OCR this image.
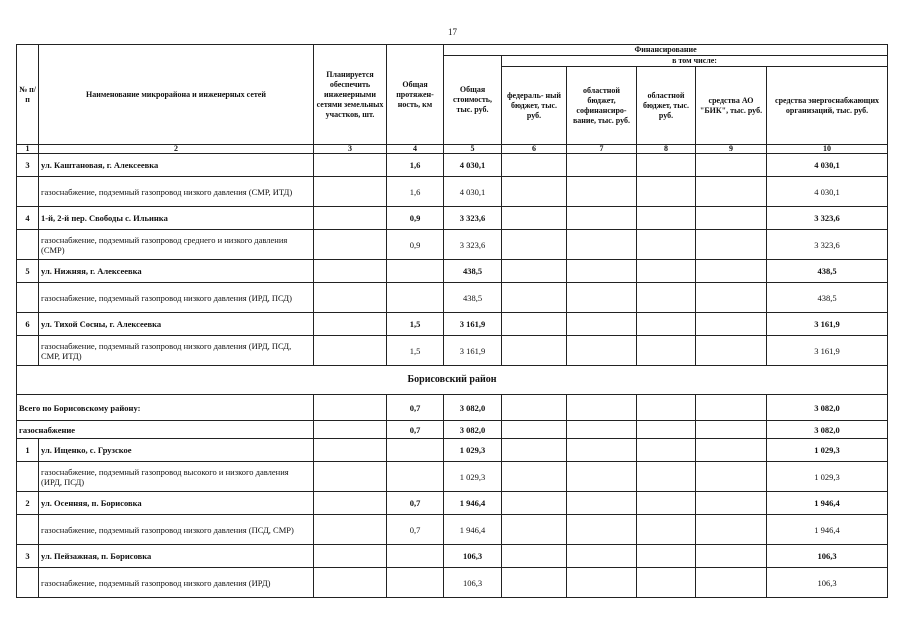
17
№ п/п	Наименование микрорайона и инженерных сетей	Планируется обеспечить инженерными сетями земельных участков, шт.	Общая протяжен- ность, км	Финансирование					
				Общая стоимость, тыс. руб.	в том числе:				
					федераль- ный бюджет, тыс. руб.	областной бюджет, софинансиро- вание, тыс. руб.	областной бюджет, тыс. руб.	средства АО "БИК", тыс. руб.	средства энергоснабжающих организаций, тыс. руб.
1	2	3	4	5	6	7	8	9	10
3	ул. Каштановая, г. Алексеевка		1,6	4 030,1					4 030,1
	газоснабжение, подземный газопровод низкого давления (СМР, ИТД)		1,6	4 030,1					4 030,1
4	1-й, 2-й пер. Свободы с. Ильинка		0,9	3 323,6					3 323,6
	газоснабжение, подземный газопровод среднего и низкого давления (СМР)		0,9	3 323,6					3 323,6
5	ул. Нижняя, г. Алексеевка			438,5					438,5
	газоснабжение, подземный газопровод низкого давления (ИРД, ПСД)			438,5					438,5
6	ул. Тихой Сосны, г. Алексеевка		1,5	3 161,9					3 161,9
	газоснабжение, подземный газопровод низкого давления (ИРД, ПСД, СМР, ИТД)		1,5	3 161,9					3 161,9
Борисовский район									
Всего по Борисовскому району:			0,7	3 082,0					3 082,0
газоснабжение			0,7	3 082,0					3 082,0
1	ул. Ищенко, с. Грузское			1 029,3					1 029,3
	газоснабжение, подземный газопровод высокого и низкого давления (ИРД, ПСД)			1 029,3					1 029,3
2	ул. Осенняя, п. Борисовка		0,7	1 946,4					1 946,4
	газоснабжение, подземный газопровод низкого давления (ПСД, СМР)		0,7	1 946,4					1 946,4
3	ул. Пейзажная, п. Борисовка			106,3					106,3
	газоснабжение, подземный газопровод низкого давления (ИРД)			106,3					106,3
